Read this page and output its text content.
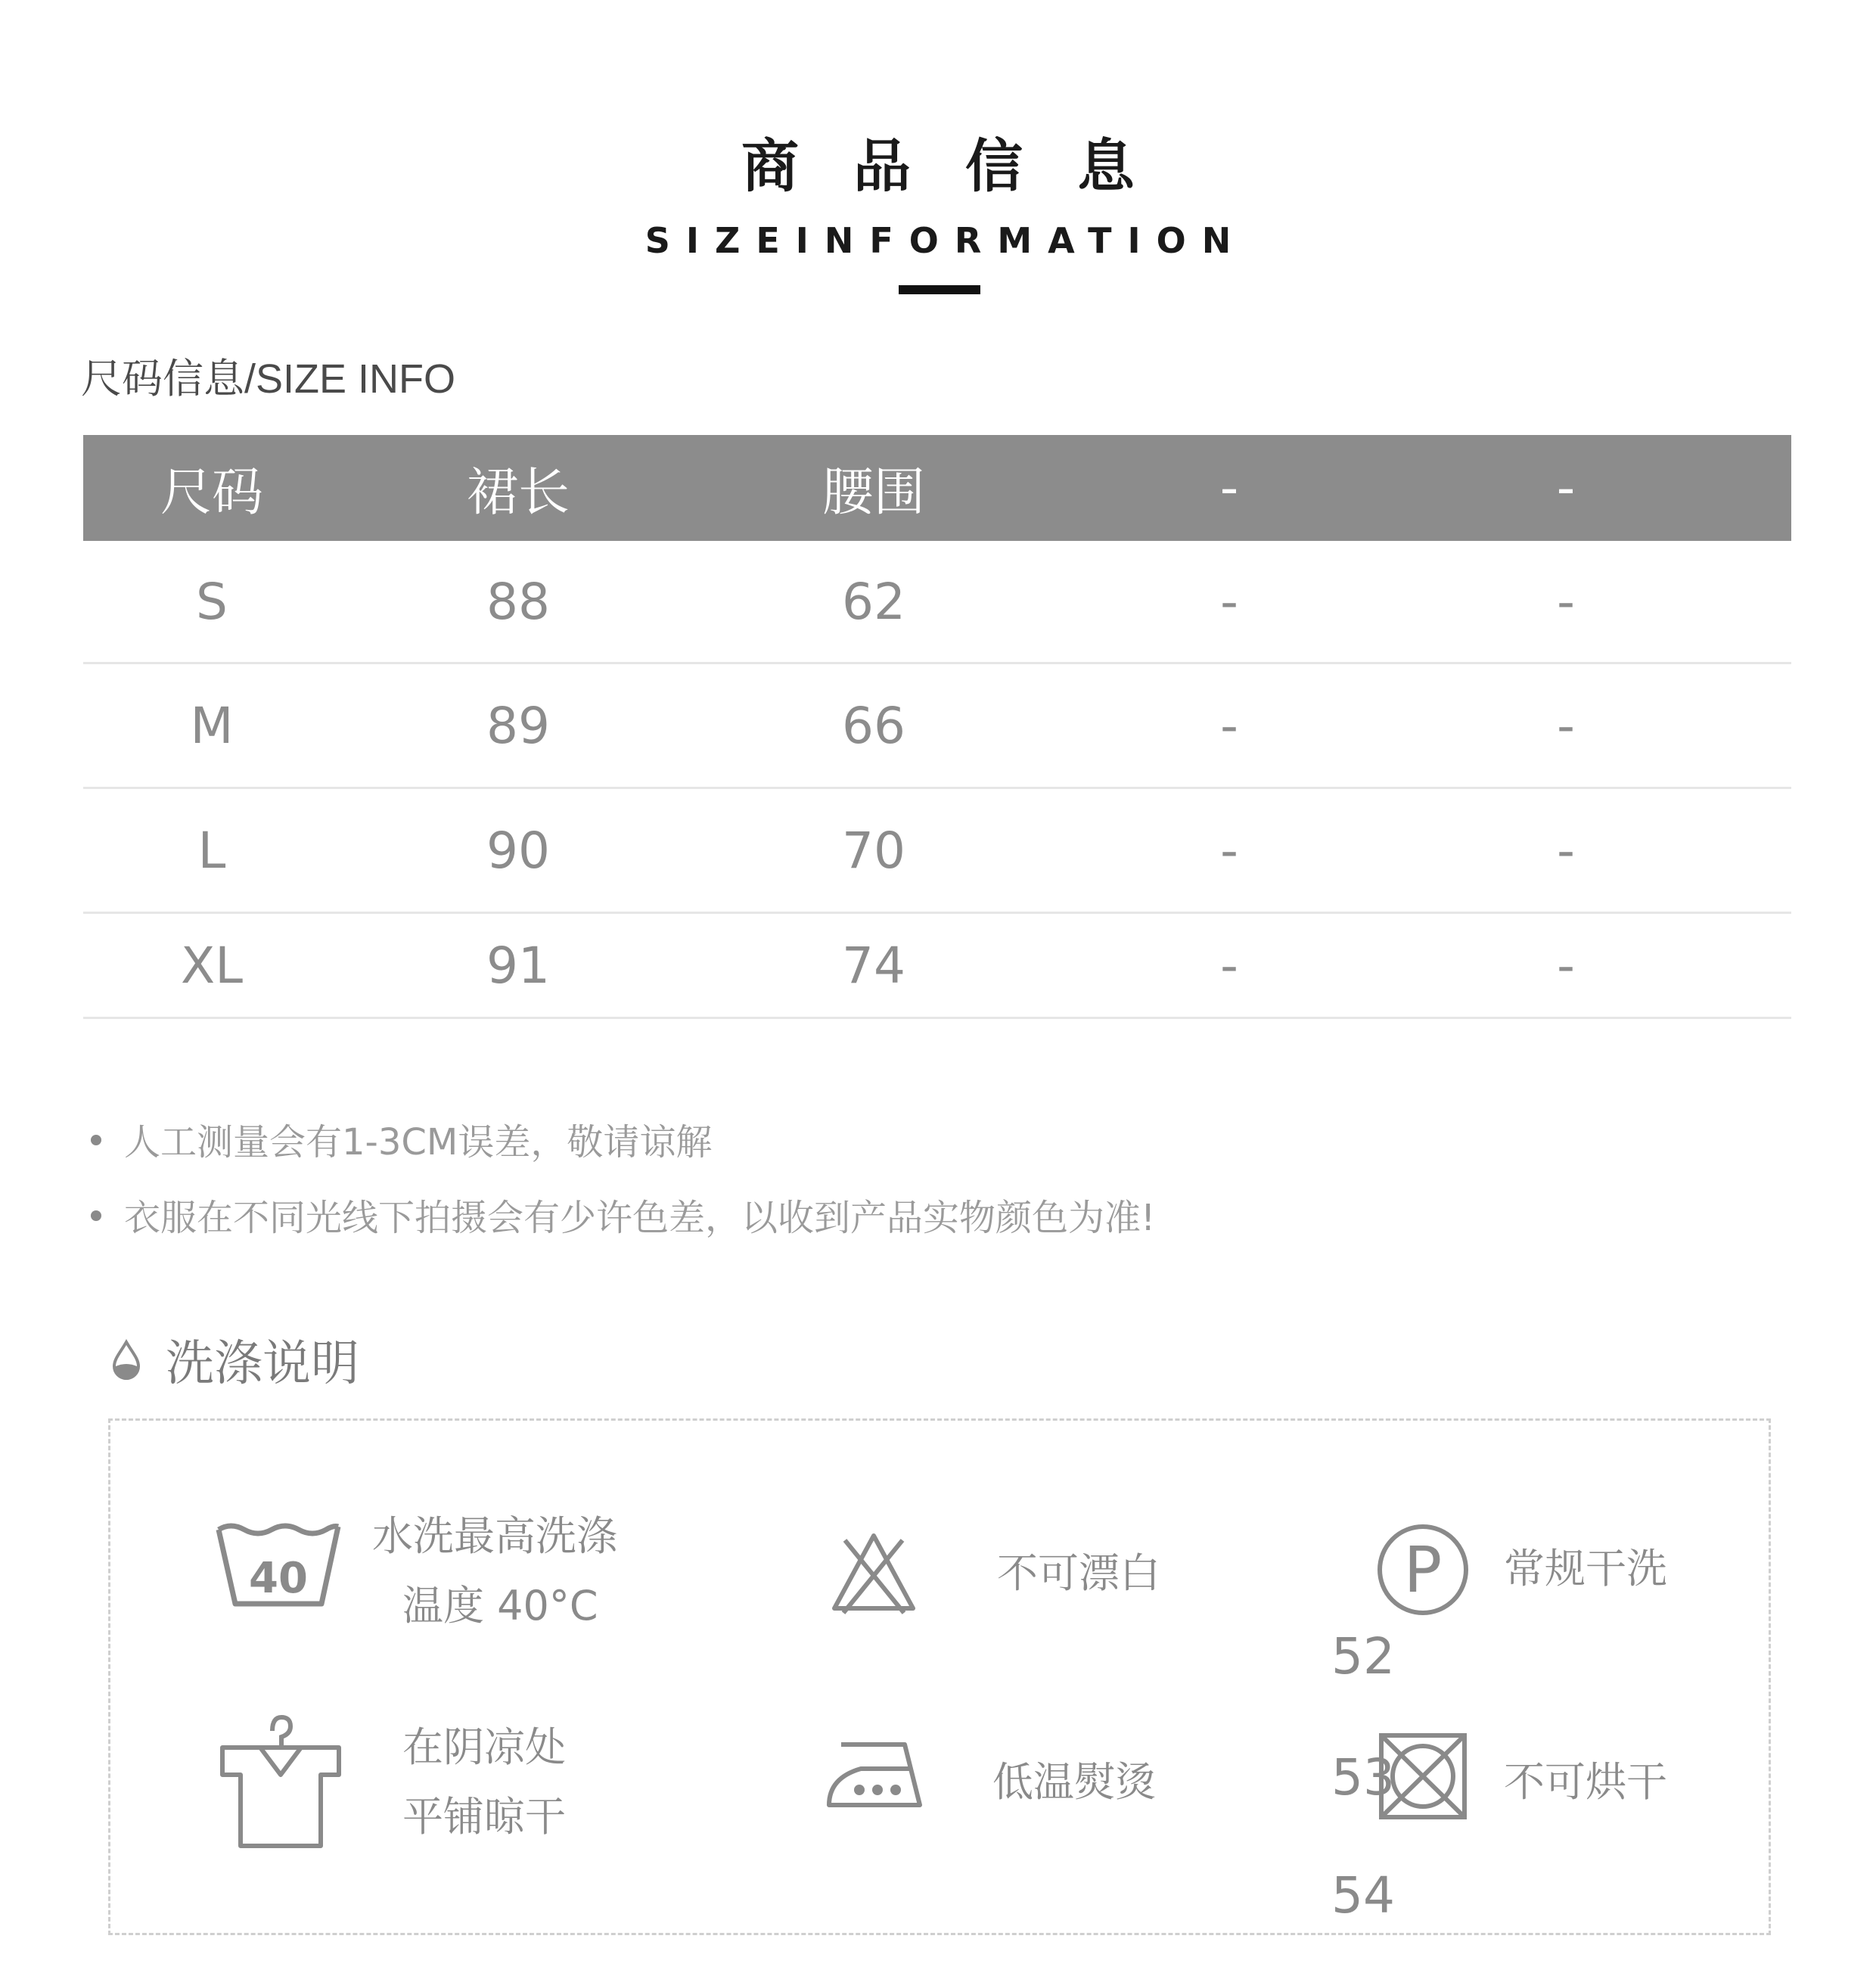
商品信息
SIZEINFORMATION
尺码信息/SIZE INFO
尺码	裙长	腰围	-	-
S	88	62	-	-
M	89	66	-	-
L	90	70	-	-
XL	91	74	-	-
人工测量会有1-3CM误差，敬请谅解
衣服在不同光线下拍摄会有少许色差，以收到产品实物颜色为准!
洗涤说明
40
水洗最高洗涤
温度 40°C
不可漂白	P 常规干洗
在阴凉处
平铺晾干
低温熨烫	不可烘干
52
53
54
